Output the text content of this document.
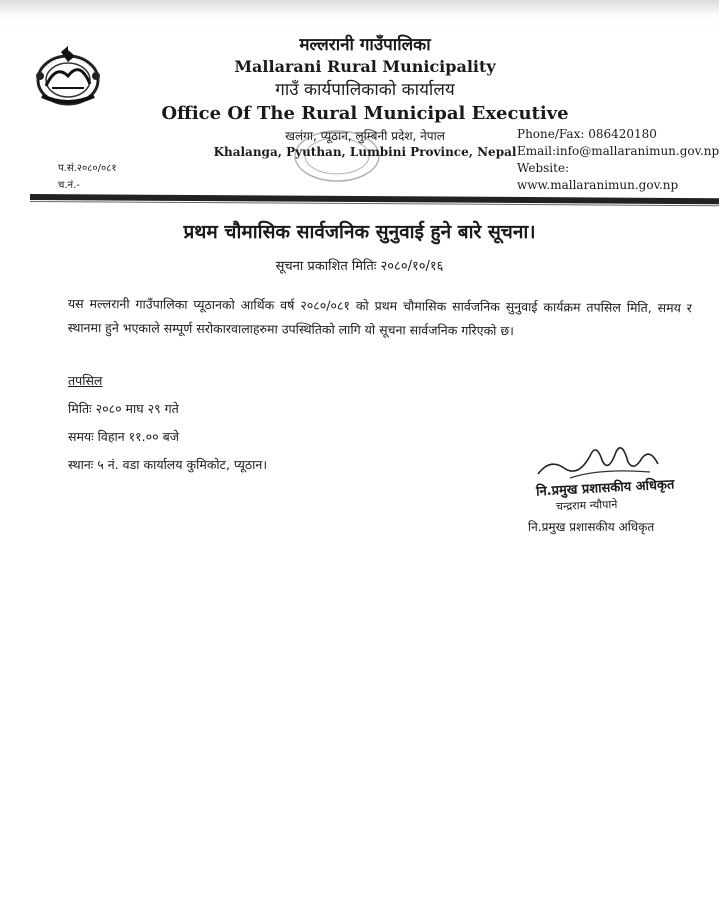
मल्लरानी गाउँपालिका

Mallarani Rural Municipality

गाउँ कार्यपालिकाको कार्यालय

Office Of The Rural Municipal Executive

खलंगा, प्यूठान, लुम्बिनी प्रदेश, नेपाल

Khalanga, Pyuthan, Lumbini Province, Nepal

Phone/Fax: 086420180
Email:info@mallaranimun.gov.np
Website:
www.mallaranimun.gov.np
प.सं.२०८०/०८१
च.नं.-
प्रथम चौमासिक सार्वजनिक सुनुवाई हुने बारे सूचना।
सूचना प्रकाशित मितिः २०८०/१०/१६
यस मल्लरानी गाउँपालिका प्यूठानको आर्थिक वर्ष २०८०/०८१ को प्रथम चौमासिक सार्वजनिक सुनुवाई कार्यक्रम तपसिल मिति, समय र स्थानमा हुने भएकाले सम्पूर्ण सरोकारवालाहरुमा उपस्थितिको लागि यो सूचना सार्वजनिक गरिएको छ।
तपसिल
मितिः २०८० माघ २९ गते
समयः विहान ११.०० बजे
स्थानः ५ नं. वडा कार्यालय कुमिकोट, प्यूठान।
नि.प्रमुख प्रशासकीय अधिकृत
चन्द्रराम न्यौपाने
नि.प्रमुख प्रशासकीय अधिकृत
